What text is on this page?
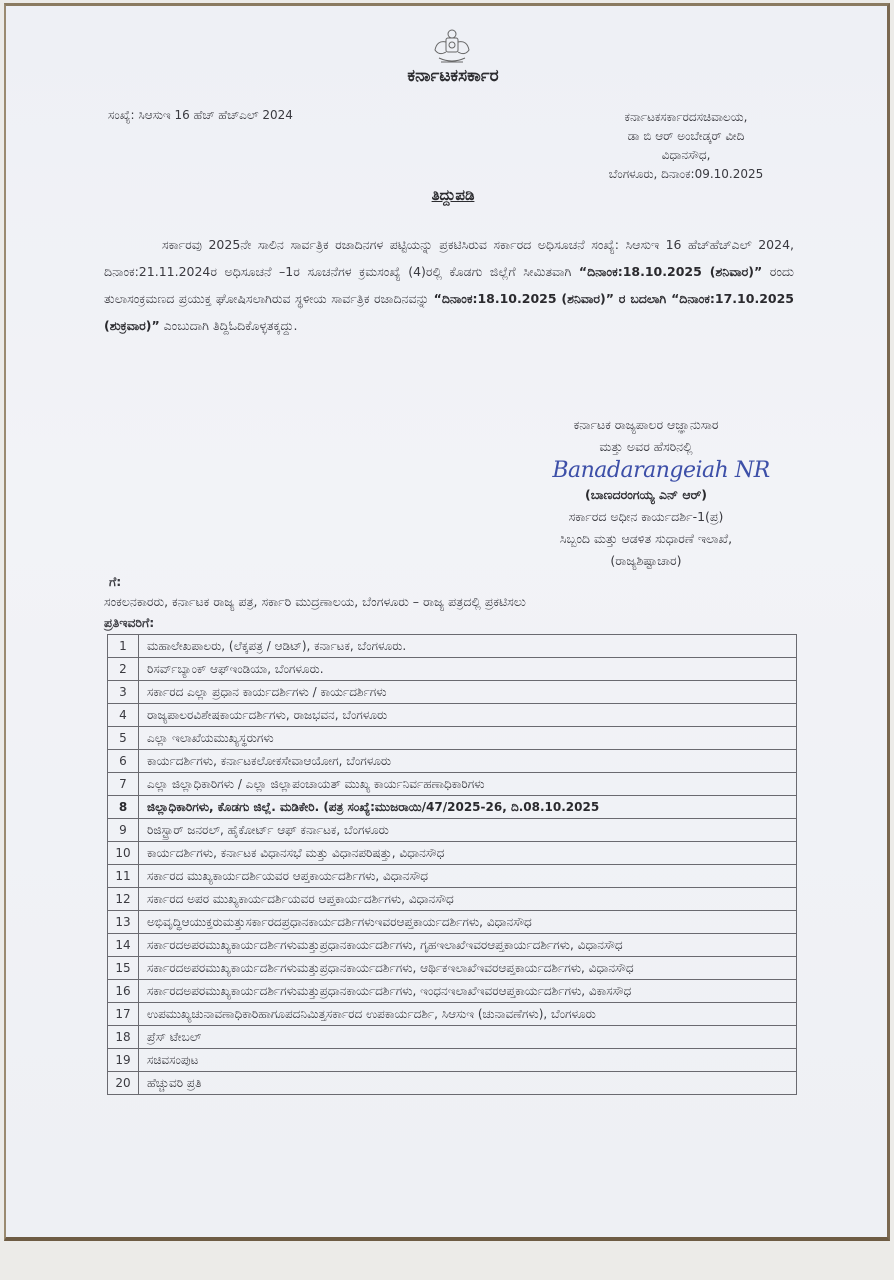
ಕರ್ನಾಟಕಸರ್ಕಾರ
ಸಂಖ್ಯೆ: ಸಿಆಸುಇ 16 ಹೆಚ್ ಹೆಚ್ಎಲ್ 2024	ಕರ್ನಾಟಕಸರ್ಕಾರದಸಚಿವಾಲಯ,
ಡಾ ಬಿ ಆರ್ ಅಂಬೇಡ್ಕರ್ ವೀದಿ
ವಿಧಾನಸೌಧ,
ಬೆಂಗಳೂರು, ದಿನಾಂಕ:09.10.2025
ತಿದ್ದುಪಡಿ
ಸರ್ಕಾರವು 2025ನೇ ಸಾಲಿನ ಸಾರ್ವತ್ರಿಕ ರಜಾದಿನಗಳ ಪಟ್ಟಿಯನ್ನು ಪ್ರಕಟಿಸಿರುವ ಸರ್ಕಾರದ ಅಧಿಸೂಚನೆ ಸಂಖ್ಯೆ: ಸಿಆಸುಇ 16 ಹೆಚ್‌ಹೆಚ್‌ಎಲ್ 2024, ದಿನಾಂಕ:21.11.2024ರ ಅಧಿಸೂಚನೆ –1ರ ಸೂಚನೆಗಳ ಕ್ರಮಸಂಖ್ಯೆ (4)ರಲ್ಲಿ ಕೊಡಗು ಜಿಲ್ಲೆಗೆ ಸೀಮಿತವಾಗಿ “ದಿನಾಂಕ:18.10.2025 (ಶನಿವಾರ)” ರಂದು ತುಲಾಸಂಕ್ರಮಣದ ಪ್ರಯುಕ್ತ ಘೋಷಿಸಲಾಗಿರುವ ಸ್ಥಳೀಯ ಸಾರ್ವತ್ರಿಕ ರಜಾದಿನವನ್ನು “ದಿನಾಂಕ:18.10.2025 (ಶನಿವಾರ)” ರ ಬದಲಾಗಿ “ದಿನಾಂಕ:17.10.2025 (ಶುಕ್ರವಾರ)” ಎಂಬುದಾಗಿ ತಿದ್ದಿಓದಿಕೊಳ್ಳತಕ್ಕದ್ದು.
ಕರ್ನಾಟಕ ರಾಜ್ಯಪಾಲರ ಆಜ್ಞಾನುಸಾರ
ಮತ್ತು ಅವರ ಹೆಸರಿನಲ್ಲಿ
Banadarangeiah NR
(ಬಾಣದರಂಗಯ್ಯ ಎನ್ ಆರ್)
ಸರ್ಕಾರದ ಅಧೀನ ಕಾರ್ಯದರ್ಶಿ-1(ಪ್ರ)
ಸಿಬ್ಬಂದಿ ಮತ್ತು ಆಡಳಿತ ಸುಧಾರಣೆ ಇಲಾಖೆ,
(ರಾಜ್ಯಶಿಷ್ಟಾಚಾರ)
ಗೆ:
ಸಂಕಲನಕಾರರು, ಕರ್ನಾಟಕ ರಾಜ್ಯ ಪತ್ರ, ಸರ್ಕಾರಿ ಮುದ್ರಣಾಲಯ, ಬೆಂಗಳೂರು – ರಾಜ್ಯ ಪತ್ರದಲ್ಲಿ ಪ್ರಕಟಿಸಲು
ಪ್ರತಿಇವರಿಗೆ:
1	ಮಹಾಲೇಖಪಾಲರು, (ಲೆಕ್ಕಪತ್ರ / ಆಡಿಟ್), ಕರ್ನಾಟಕ, ಬೆಂಗಳೂರು.
2	ರಿಸರ್ವ್‌ಬ್ಯಾಂಕ್ ಆಫ್‌ಇಂಡಿಯಾ, ಬೆಂಗಳೂರು.
3	ಸರ್ಕಾರದ ಎಲ್ಲಾ ಪ್ರಧಾನ ಕಾರ್ಯದರ್ಶಿಗಳು / ಕಾರ್ಯದರ್ಶಿಗಳು
4	ರಾಜ್ಯಪಾಲರವಿಶೇಷಕಾರ್ಯದರ್ಶಿಗಳು, ರಾಜಭವನ, ಬೆಂಗಳೂರು
5	ಎಲ್ಲಾ ಇಲಾಖೆಯಮುಖ್ಯಸ್ಥರುಗಳು
6	ಕಾರ್ಯದರ್ಶಿಗಳು, ಕರ್ನಾಟಕಲೋಕಸೇವಾಆಯೋಗ, ಬೆಂಗಳೂರು
7	ಎಲ್ಲಾ ಜಿಲ್ಲಾಧಿಕಾರಿಗಳು / ಎಲ್ಲಾ ಜಿಲ್ಲಾಪಂಚಾಯತ್ ಮುಖ್ಯ ಕಾರ್ಯನಿರ್ವಹಣಾಧಿಕಾರಿಗಳು
8	ಜಿಲ್ಲಾಧಿಕಾರಿಗಳು, ಕೊಡಗು ಜಿಲ್ಲೆ. ಮಡಿಕೇರಿ. (ಪತ್ರ ಸಂಖ್ಯೆ:ಮುಜರಾಯಿ/47/2025-26, ದಿ.08.10.2025
9	ರಿಜಿಸ್ಟ್ರಾರ್ ಜನರಲ್, ಹೈಕೋರ್ಟ್ ಆಫ್ ಕರ್ನಾಟಕ, ಬೆಂಗಳೂರು
10	ಕಾರ್ಯದರ್ಶಿಗಳು, ಕರ್ನಾಟಕ ವಿಧಾನಸಭೆ ಮತ್ತು ವಿಧಾನಪರಿಷತ್ತು, ವಿಧಾನಸೌಧ
11	ಸರ್ಕಾರದ ಮುಖ್ಯಕಾರ್ಯದರ್ಶಿಯವರ ಆಪ್ತಕಾರ್ಯದರ್ಶಿಗಳು, ವಿಧಾನಸೌಧ
12	ಸರ್ಕಾರದ ಅಪರ ಮುಖ್ಯಕಾರ್ಯದರ್ಶಿಯವರ ಆಪ್ತಕಾರ್ಯದರ್ಶಿಗಳು, ವಿಧಾನಸೌಧ
13	ಅಭಿವೃದ್ಧಿಆಯುಕ್ತರುಮತ್ತುಸರ್ಕಾರದಪ್ರಧಾನಕಾರ್ಯದರ್ಶಿಗಳುಇವರಆಪ್ತಕಾರ್ಯದರ್ಶಿಗಳು, ವಿಧಾನಸೌಧ
14	ಸರ್ಕಾರದಅಪರಮುಖ್ಯಕಾರ್ಯದರ್ಶಿಗಳುಮತ್ತುಪ್ರಧಾನಕಾರ್ಯದರ್ಶಿಗಳು, ಗೃಹಇಲಾಖೆಇವರಆಪ್ತಕಾರ್ಯದರ್ಶಿಗಳು, ವಿಧಾನಸೌಧ
15	ಸರ್ಕಾರದಅಪರಮುಖ್ಯಕಾರ್ಯದರ್ಶಿಗಳುಮತ್ತುಪ್ರಧಾನಕಾರ್ಯದರ್ಶಿಗಳು, ಆರ್ಥಿಕಇಲಾಖೆಇವರಆಪ್ತಕಾರ್ಯದರ್ಶಿಗಳು, ವಿಧಾನಸೌಧ
16	ಸರ್ಕಾರದಅಪರಮುಖ್ಯಕಾರ್ಯದರ್ಶಿಗಳುಮತ್ತುಪ್ರಧಾನಕಾರ್ಯದರ್ಶಿಗಳು, ಇಂಧನಇಲಾಖೆಇವರಆಪ್ತಕಾರ್ಯದರ್ಶಿಗಳು, ವಿಕಾಸಸೌಧ
17	ಉಪಮುಖ್ಯಚುನಾವಣಾಧಿಕಾರಿಹಾಗೂಪದನಿಮಿತ್ತಸರ್ಕಾರದ ಉಪಕಾರ್ಯದರ್ಶಿ, ಸಿಆಸುಇ (ಚುನಾವಣೆಗಳು), ಬೆಂಗಳೂರು
18	ಪ್ರೆಸ್ ಟೇಬಲ್
19	ಸಚಿವಸಂಪುಟ
20	ಹೆಚ್ಚುವರಿ ಪ್ರತಿ
